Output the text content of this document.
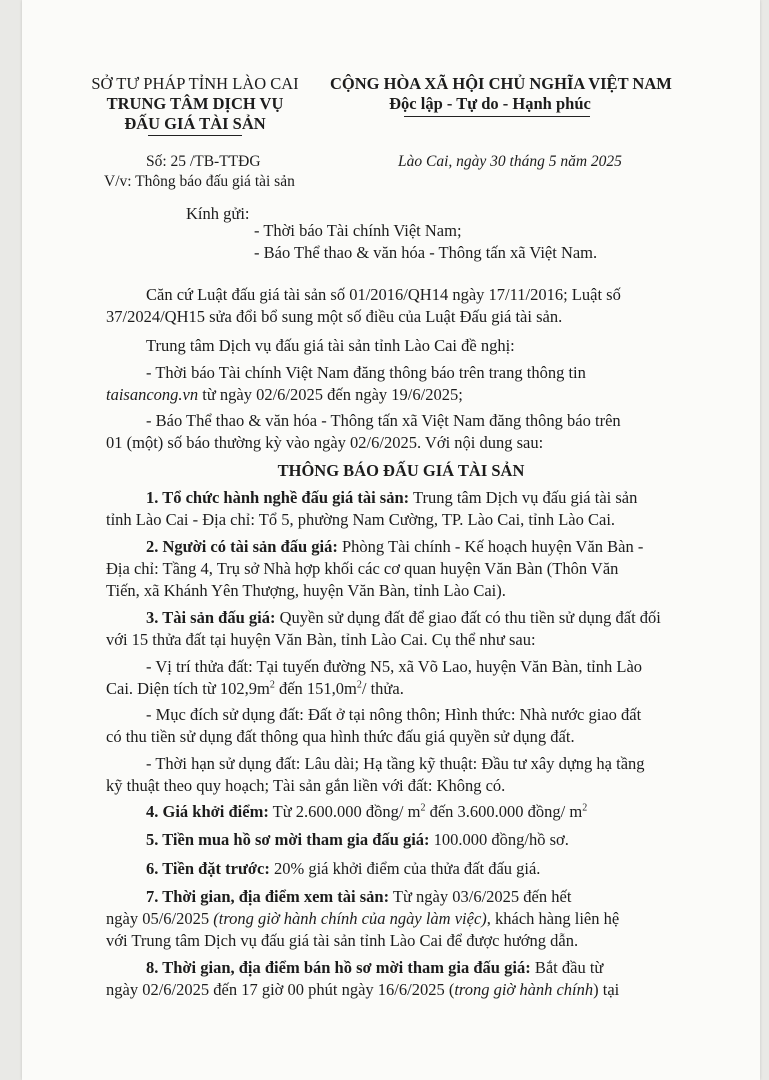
SỞ TƯ PHÁP TỈNH LÀO CAI
TRUNG TÂM DỊCH VỤ
ĐẤU GIÁ TÀI SẢN
CỘNG HÒA XÃ HỘI CHỦ NGHĨA VIỆT NAM
Độc lập - Tự do - Hạnh phúc
Số: 25 /TB-TTĐG
V/v: Thông báo đấu giá tài sản
Lào Cai, ngày 30 tháng 5 năm 2025
Kính gửi:
- Thời báo Tài chính Việt Nam;
- Báo Thể thao & văn hóa - Thông tấn xã Việt Nam.
Căn cứ Luật đấu giá tài sản số 01/2016/QH14 ngày 17/11/2016; Luật số
37/2024/QH15 sửa đổi bổ sung một số điều của Luật Đấu giá tài sản.
Trung tâm Dịch vụ đấu giá tài sản tỉnh Lào Cai đề nghị:
- Thời báo Tài chính Việt Nam đăng thông báo trên trang thông tin
taisancong.vn từ ngày 02/6/2025 đến ngày 19/6/2025;
- Báo Thể thao & văn hóa - Thông tấn xã Việt Nam đăng thông báo trên
01 (một) số báo thường kỳ vào ngày 02/6/2025. Với nội dung sau:
THÔNG BÁO ĐẤU GIÁ TÀI SẢN
1. Tổ chức hành nghề đấu giá tài sản: Trung tâm Dịch vụ đấu giá tài sản
tỉnh Lào Cai - Địa chỉ: Tổ 5, phường Nam Cường, TP. Lào Cai, tỉnh Lào Cai.
2. Người có tài sản đấu giá: Phòng Tài chính - Kế hoạch huyện Văn Bàn -
Địa chỉ: Tầng 4, Trụ sở Nhà hợp khối các cơ quan huyện Văn Bàn (Thôn Văn
Tiến, xã Khánh Yên Thượng, huyện Văn Bàn, tỉnh Lào Cai).
3. Tài sản đấu giá: Quyền sử dụng đất để giao đất có thu tiền sử dụng đất đối
với 15 thửa đất tại huyện Văn Bàn, tỉnh Lào Cai. Cụ thể như sau:
- Vị trí thửa đất: Tại tuyến đường N5, xã Võ Lao, huyện Văn Bàn, tỉnh Lào
Cai. Diện tích từ $102,9m^2$ đến $151,0m^2/$ thửa.
- Mục đích sử dụng đất: Đất ở tại nông thôn; Hình thức: Nhà nước giao đất
có thu tiền sử dụng đất thông qua hình thức đấu giá quyền sử dụng đất.
- Thời hạn sử dụng đất: Lâu dài; Hạ tầng kỹ thuật: Đầu tư xây dựng hạ tầng
kỹ thuật theo quy hoạch; Tài sản gắn liền với đất: Không có.
4. Giá khởi điểm: Từ 2.600.000 đồng/ $m^2$ đến 3.600.000 đồng/ $m^2$
5. Tiền mua hồ sơ mời tham gia đấu giá: 100.000 đồng/hồ sơ.
6. Tiền đặt trước: 20% giá khởi điểm của thửa đất đấu giá.
7. Thời gian, địa điểm xem tài sản: Từ ngày 03/6/2025 đến hết
ngày 05/6/2025 (trong giờ hành chính của ngày làm việc), khách hàng liên hệ
với Trung tâm Dịch vụ đấu giá tài sản tỉnh Lào Cai để được hướng dẫn.
8. Thời gian, địa điểm bán hồ sơ mời tham gia đấu giá: Bắt đầu từ
ngày 02/6/2025 đến 17 giờ 00 phút ngày 16/6/2025 (trong giờ hành chính) tại
